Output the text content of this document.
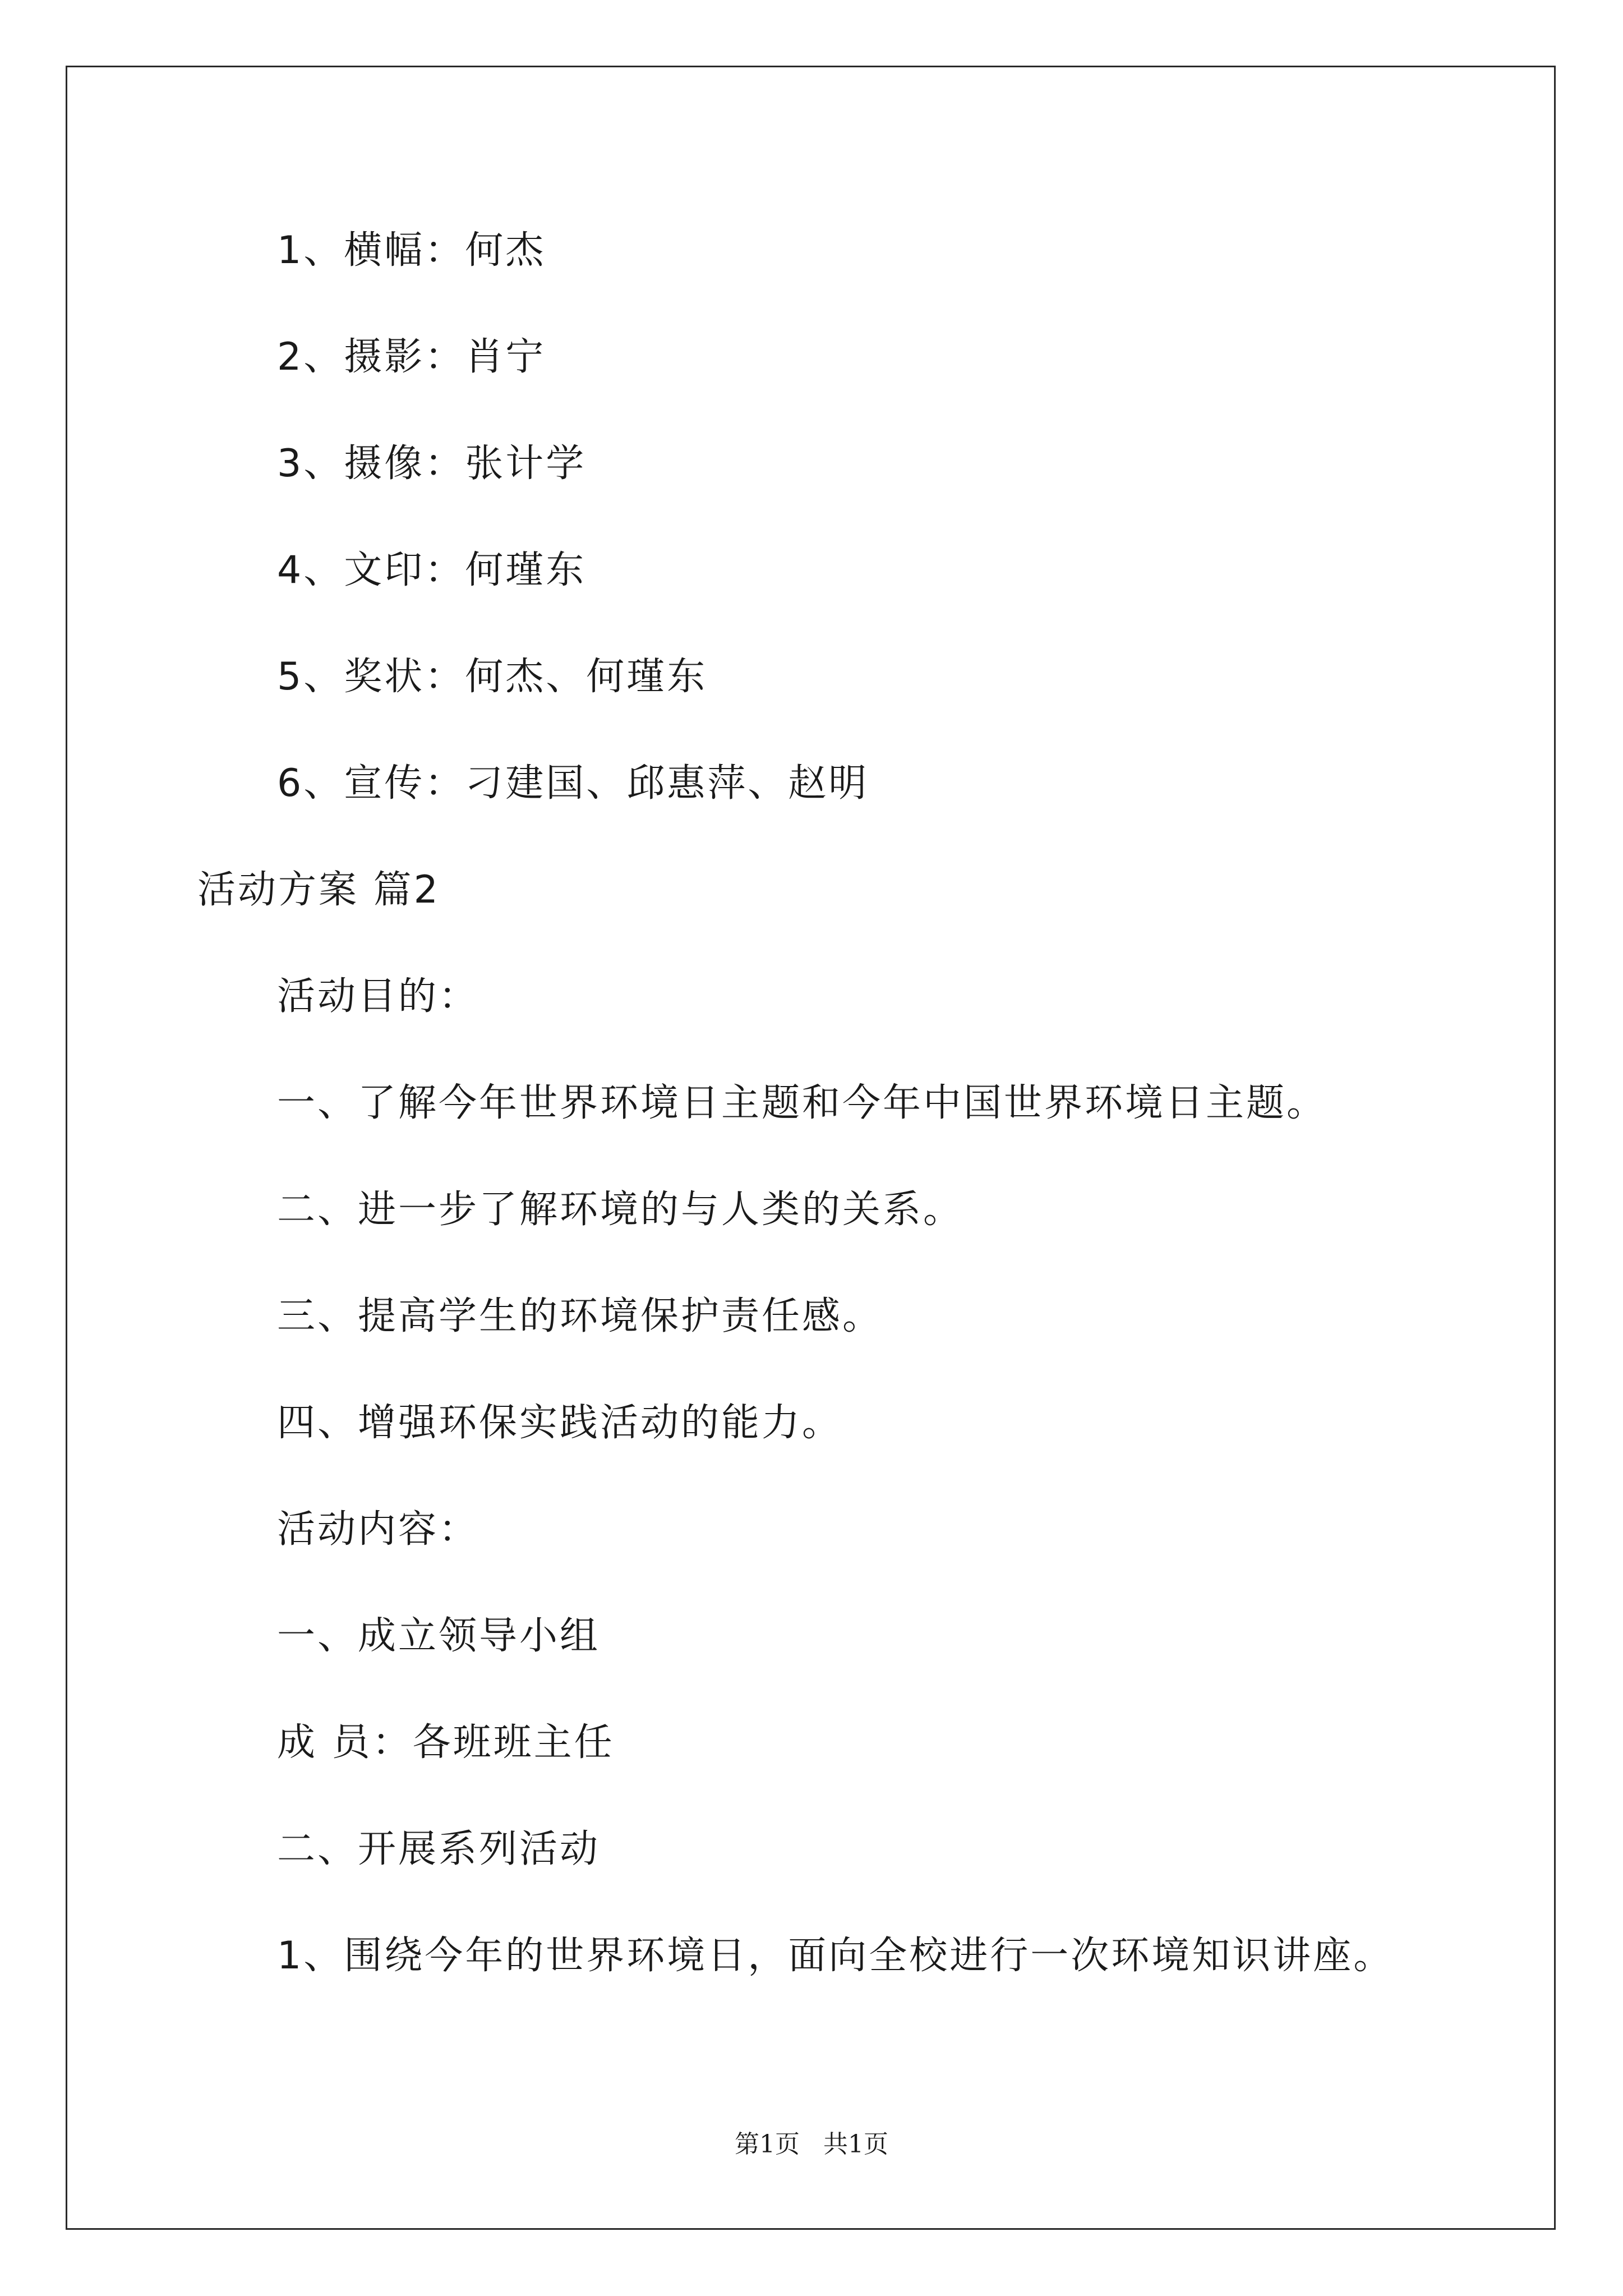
1、横幅：何杰
2、摄影：肖宁
3、摄像：张计学
4、文印：何瑾东
5、奖状：何杰、何瑾东
6、宣传：刁建国、邱惠萍、赵明
活动方案 篇2
活动目的：
一、了解今年世界环境日主题和今年中国世界环境日主题。
二、进一步了解环境的与人类的关系。
三、提高学生的环境保护责任感。
四、增强环保实践活动的能力。
活动内容：
一、成立领导小组
成 员：各班班主任
二、开展系列活动
1、围绕今年的世界环境日，面向全校进行一次环境知识讲座。
第1页   共1页
